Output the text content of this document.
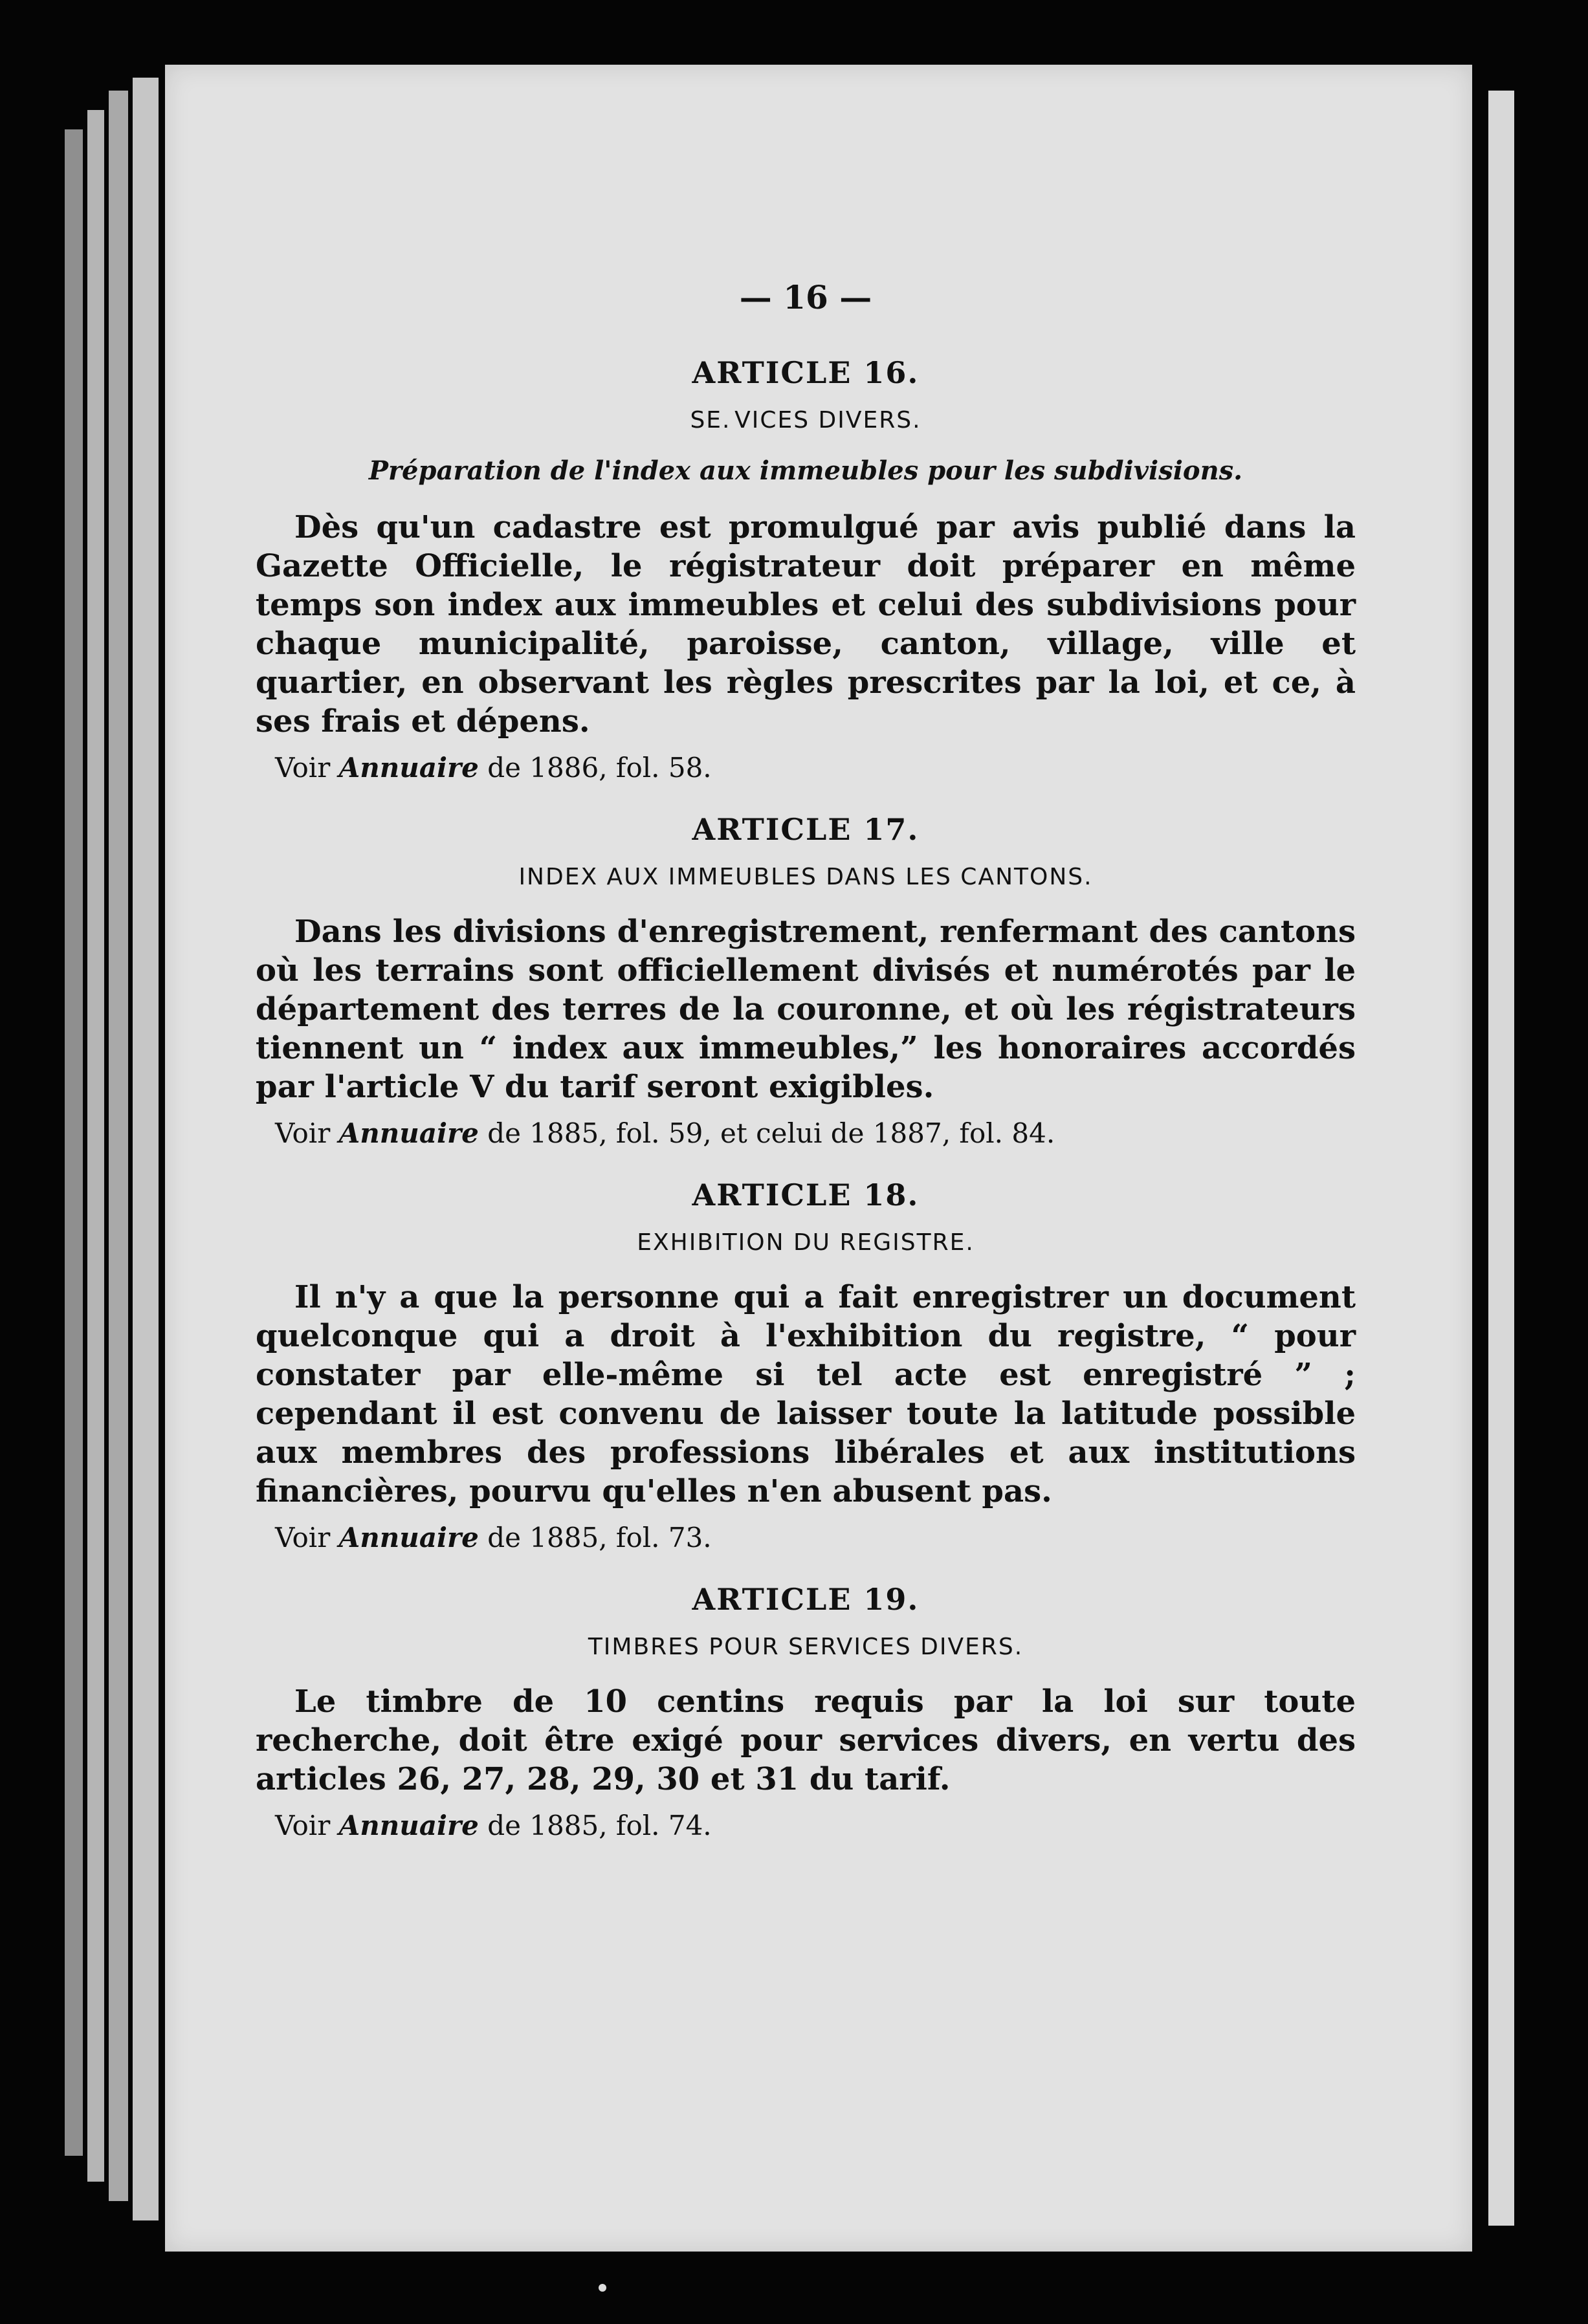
— 16 —
ARTICLE 16.
SE. VICES DIVERS.
Préparation de l'index aux immeubles pour les subdivisions.

Dès qu'un cadastre est promulgué par avis publié dans la Gazette Officielle, le régistrateur doit préparer en même temps son index aux immeubles et celui des subdivisions pour chaque municipalité, paroisse, canton, village, ville et quartier, en observant les règles prescrites par la loi, et ce, à ses frais et dépens.

Voir Annuaire de 1886, fol. 58.

ARTICLE 17.
INDEX AUX IMMEUBLES DANS LES CANTONS.

Dans les divisions d'enregistrement, renfermant des cantons où les terrains sont officiellement divisés et numérotés par le département des terres de la couronne, et où les régistrateurs tiennent un “ index aux immeubles,” les honoraires accordés par l'article V du tarif seront exigibles.

Voir Annuaire de 1885, fol. 59, et celui de 1887, fol. 84.

ARTICLE 18.
EXHIBITION DU REGISTRE.

Il n'y a que la personne qui a fait enregistrer un document quelconque qui a droit à l'exhibition du registre, “ pour constater par elle-même si tel acte est enregistré ” ; cependant il est convenu de laisser toute la latitude possible aux membres des professions libérales et aux institutions financières, pourvu qu'elles n'en abusent pas.

Voir Annuaire de 1885, fol. 73.

ARTICLE 19.
TIMBRES POUR SERVICES DIVERS.

Le timbre de 10 centins requis par la loi sur toute recherche, doit être exigé pour services divers, en vertu des articles 26, 27, 28, 29, 30 et 31 du tarif.

Voir Annuaire de 1885, fol. 74.
